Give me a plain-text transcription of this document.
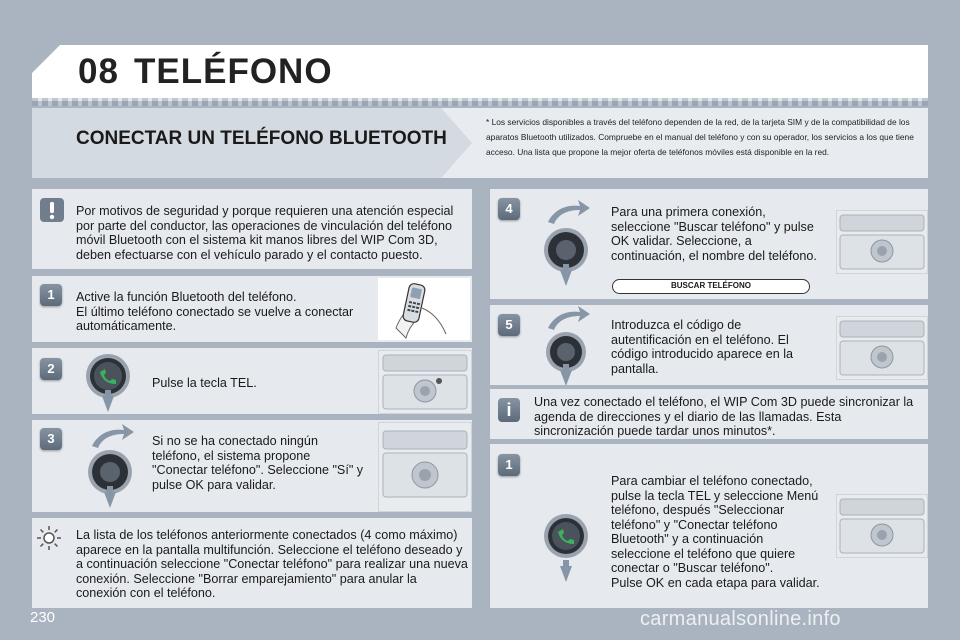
08 TELÉFONO
CONECTAR UN TELÉFONO BLUETOOTH
* Los servicios disponibles a través del teléfono dependen de la red, de la tarjeta SIM y de la compatibilidad de los aparatos Bluetooth utilizados. Compruebe en el manual del teléfono y con su operador, los servicios a los que tiene acceso. Una lista que propone la mejor oferta de teléfonos móviles está disponible en la red.
Por motivos de seguridad y porque requieren una atención especial por parte del conductor, las operaciones de vinculación del teléfono móvil Bluetooth con el sistema kit manos libres del WIP Com 3D, deben efectuarse con el vehículo parado y el contacto puesto.
1	Active la función Bluetooth del teléfono.
El último teléfono conectado se vuelve a conectar automáticamente.
2
Pulse la tecla TEL.
3	Si no se ha conectado ningún teléfono, el sistema propone "Conectar teléfono". Seleccione "Sí" y pulse OK para validar.
La lista de los teléfonos anteriormente conectados (4 como máximo) aparece en la pantalla multifunción. Seleccione el teléfono deseado y a continuación seleccione "Conectar teléfono" para realizar una nueva conexión. Seleccione "Borrar emparejamiento" para anular la conexión con el teléfono.
4	Para una primera conexión, seleccione "Buscar teléfono" y pulse OK validar. Seleccione, a continuación, el nombre del teléfono.
BUSCAR TELÉFONO
5	Introduzca el código de autentificación en el teléfono. El código introducido aparece en la pantalla.
i	Una vez conectado el teléfono, el WIP Com 3D puede sincronizar la agenda de direcciones y el diario de las llamadas. Esta sincronización puede tardar unos minutos*.
1
Para cambiar el teléfono conectado, pulse la tecla TEL y seleccione Menú teléfono, después "Seleccionar teléfono" y "Conectar teléfono Bluetooth" y a continuación seleccione el teléfono que quiere conectar o "Buscar teléfono".
Pulse OK en cada etapa para validar.
230	carmanualsonline.info
